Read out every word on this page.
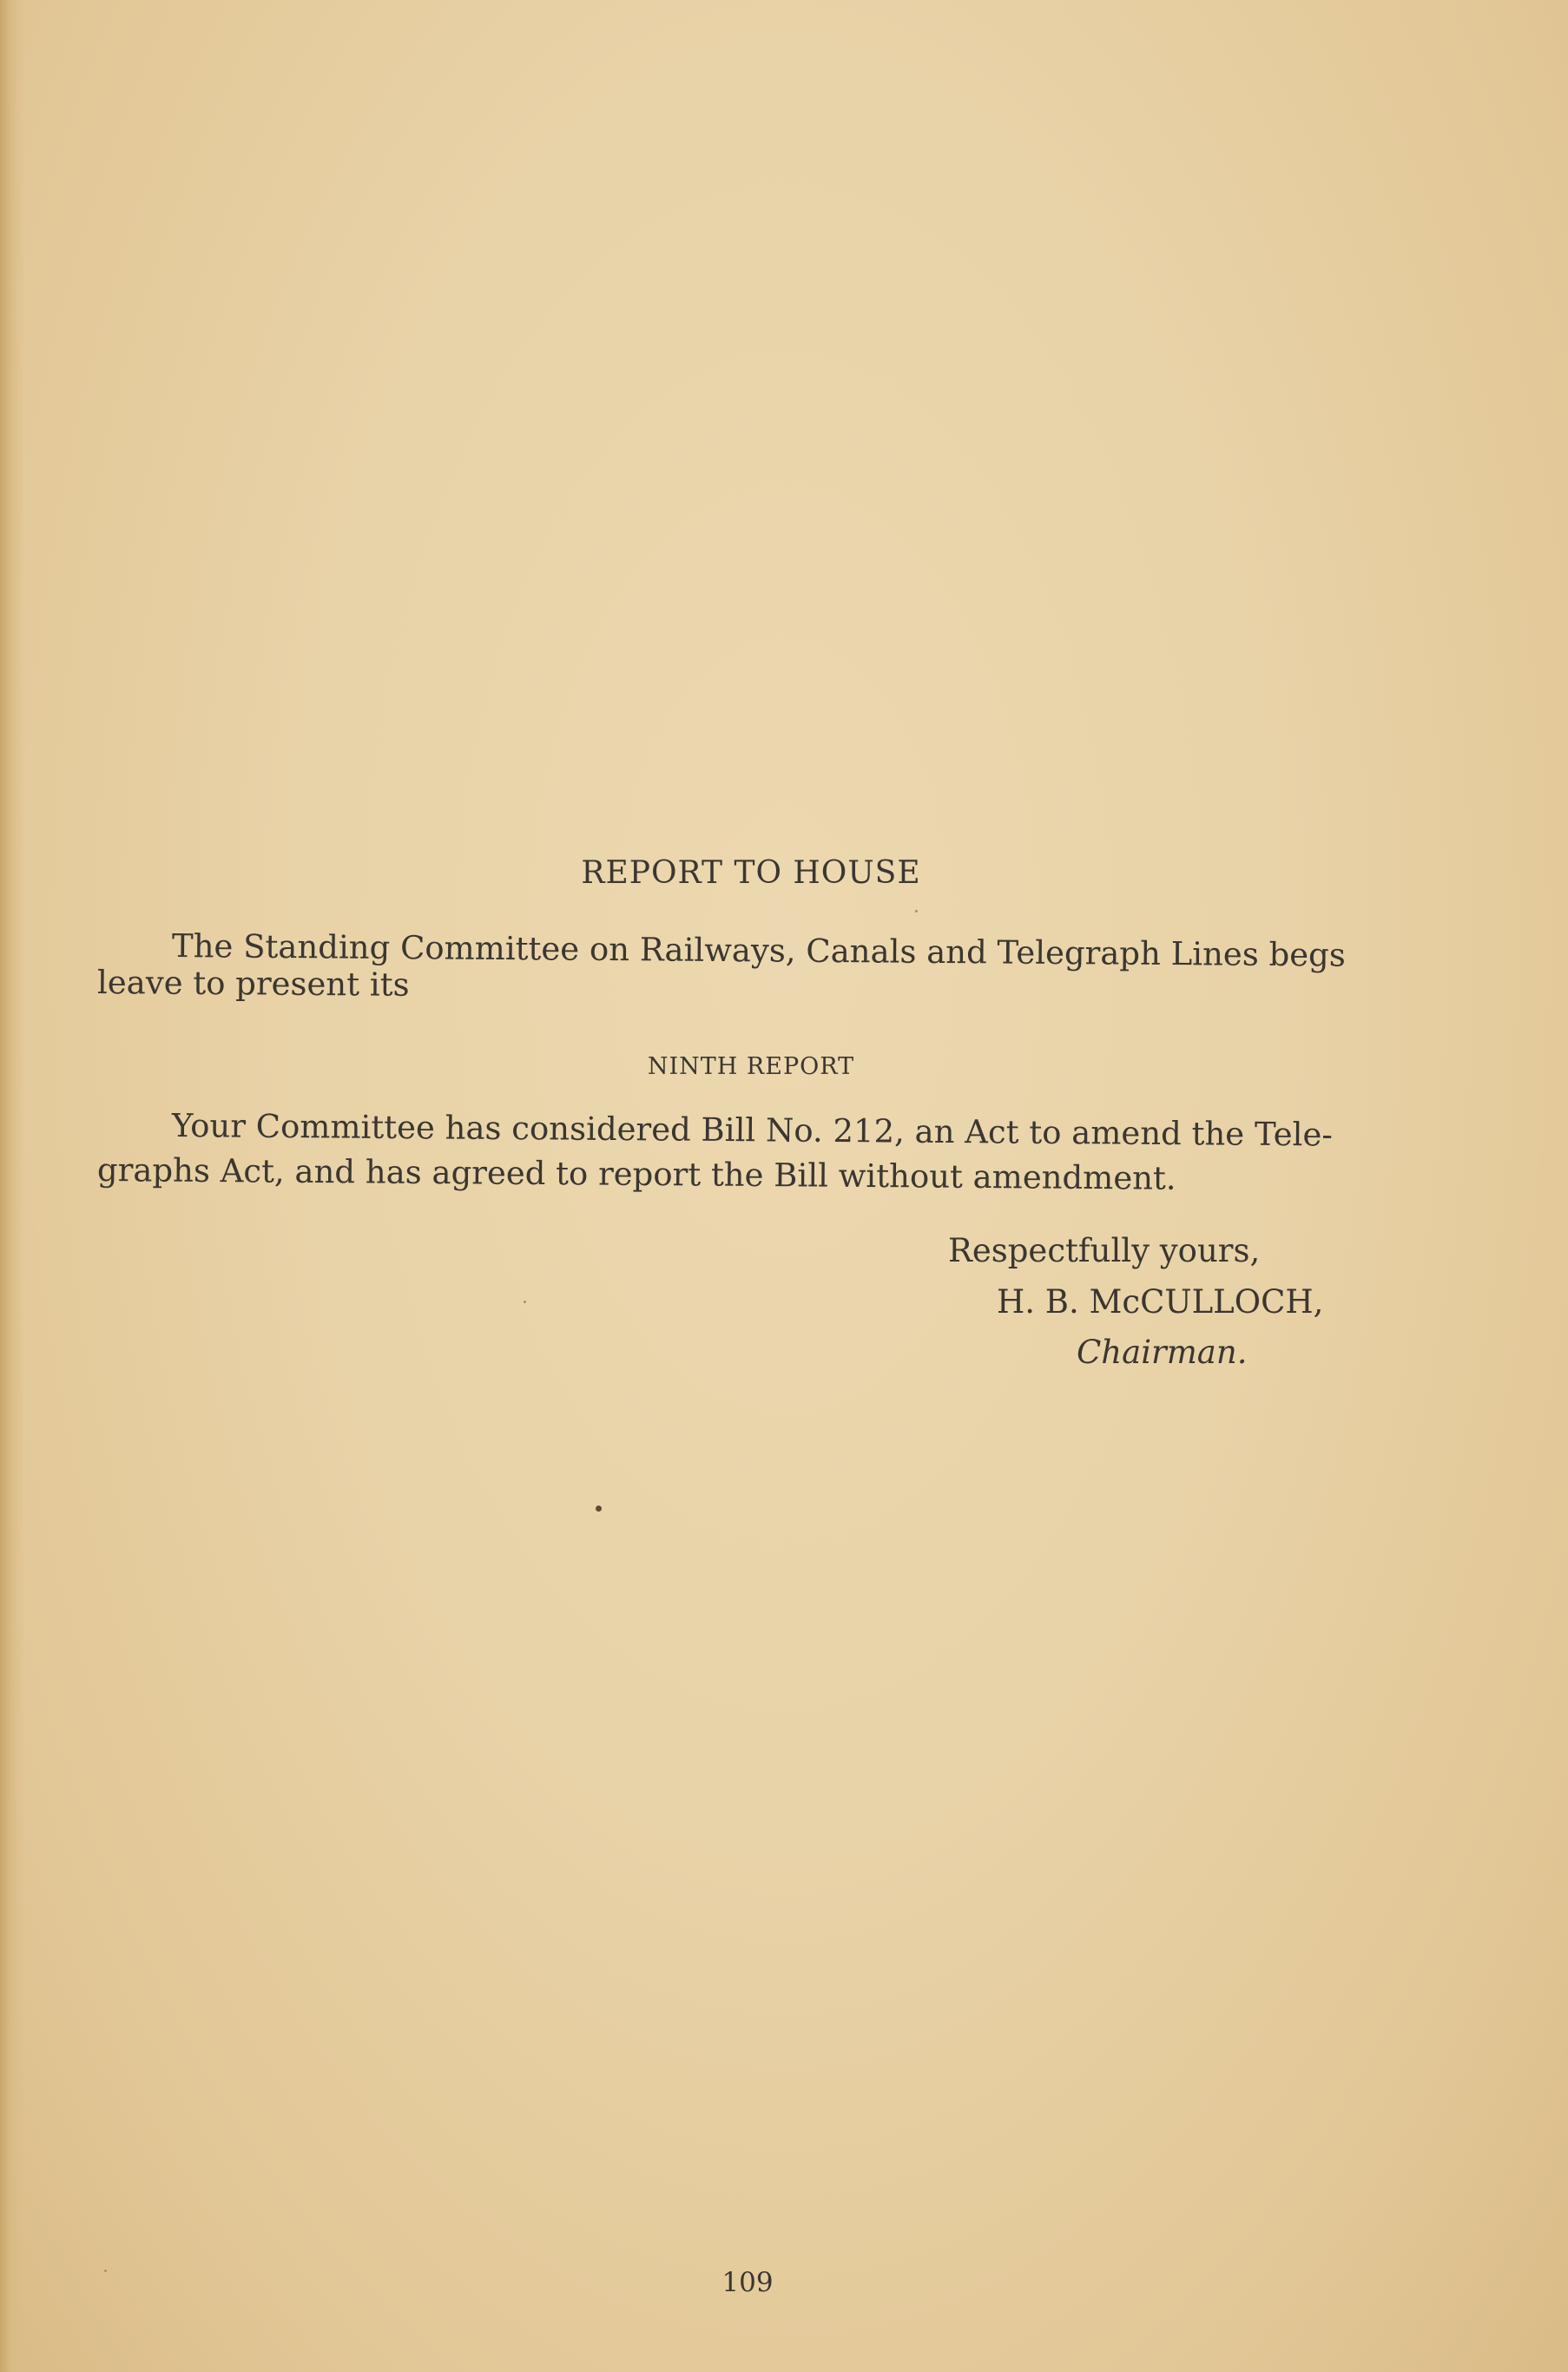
REPORT TO HOUSE
The Standing Committee on Railways, Canals and Telegraph Lines begs
leave to present its
NINTH REPORT
Your Committee has considered Bill No. 212, an Act to amend the Tele-
graphs Act, and has agreed to report the Bill without amendment.
Respectfully yours,
H. B. McCULLOCH,
Chairman.
109
